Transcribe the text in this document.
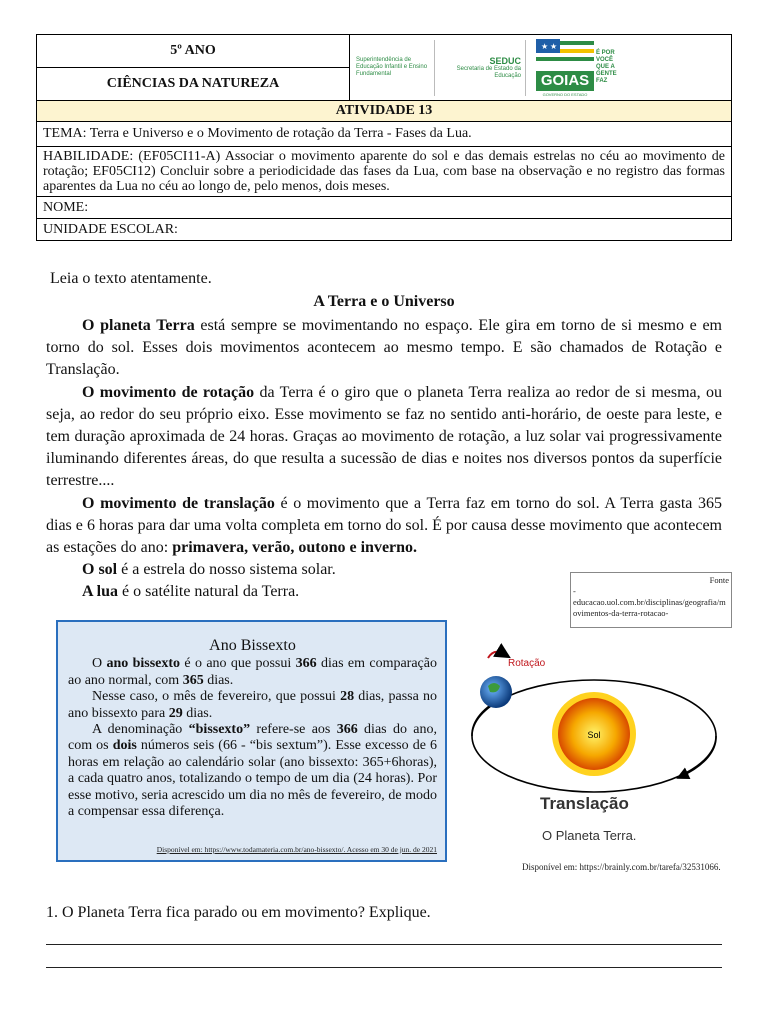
5º ANO	
Superintendência de Educação Infantil e Ensino Fundamental
SEDUC
Secretaria de Estado da Educação
★ ★
GOIAS
GOVERNO DO ESTADO
É POR VOCÊ QUE A GENTE FAZ

CIÊNCIAS DA NATUREZA
ATIVIDADE 13
TEMA: Terra e Universo e o Movimento de rotação da Terra - Fases da Lua.
HABILIDADE: (EF05CI11-A) Associar o movimento aparente do sol e das demais estrelas no céu ao movimento de rotação; EF05CI12) Concluir sobre a periodicidade das fases da Lua, com base na observação e no registro das formas aparentes da Lua no céu ao longo de, pelo menos, dois meses.
NOME:
UNIDADE ESCOLAR:
Leia o texto atentamente.
A Terra e o Universo

O planeta Terra está sempre se movimentando no espaço. Ele gira em torno de si mesmo e em torno do sol. Esses dois movimentos acontecem ao mesmo tempo. E são chamados de Rotação e Translação.

O movimento de rotação da Terra é o giro que o planeta Terra realiza ao redor de si mesma, ou seja, ao redor do seu próprio eixo. Esse movimento se faz no sentido anti-horário, de oeste para leste, e tem duração aproximada de 24 horas. Graças ao movimento de rotação, a luz solar vai progressivamente iluminando diferentes áreas, do que resulta a sucessão de dias e noites nos diversos pontos da superfície terrestre....

O movimento de translação é o movimento que a Terra faz em torno do sol. A Terra gasta 365 dias e 6 horas para dar uma volta completa em torno do sol. É por causa desse movimento que acontecem as estações do ano: primavera, verão, outono e inverno.

O sol é a estrela do nosso sistema solar.

A lua é o satélite natural da Terra.

Fonte
-
educacao.uol.com.br/disciplinas/geografia/movimentos-da-terra-rotacao-
Ano Bissexto

O ano bissexto é o ano que possui 366 dias em comparação ao ano normal, com 365 dias.

Nesse caso, o mês de fevereiro, que possui 28 dias, passa no ano bissexto para 29 dias.

A denominação “bissexto” refere-se aos 366 dias do ano, com os dois números seis (66 - “bis sextum”). Esse excesso de 6 horas em relação ao calendário solar (ano bissexto: 365+6horas), a cada quatro anos, totalizando o tempo de um dia (24 horas). Por esse motivo, seria acrescido um dia no mês de fevereiro, de modo a compensar essa diferença.

Disponível em: https://www.todamateria.com.br/ano-bissexto/. Acesso em 30 de jun. de 2021
Sol
Rotação
Translação
O Planeta Terra.
Disponível em: https://brainly.com.br/tarefa/32531066.
1. O Planeta Terra fica parado ou em movimento? Explique.
